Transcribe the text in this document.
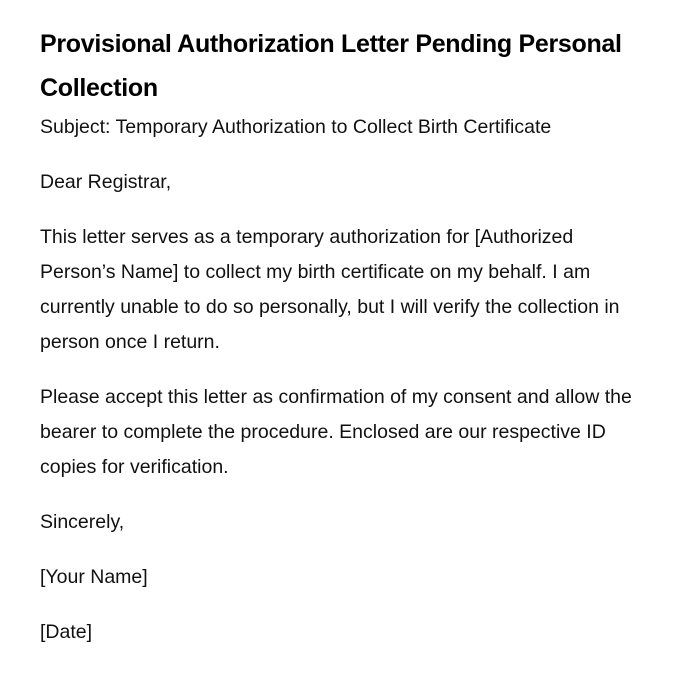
Provisional Authorization Letter Pending Personal Collection

Subject: Temporary Authorization to Collect Birth Certificate

Dear Registrar,

This letter serves as a temporary authorization for [Authorized Person’s Name] to collect my birth certificate on my behalf. I am currently unable to do so personally, but I will verify the collection in person once I return.

Please accept this letter as confirmation of my consent and allow the bearer to complete the procedure. Enclosed are our respective ID copies for verification.

Sincerely,

[Your Name]

[Date]
